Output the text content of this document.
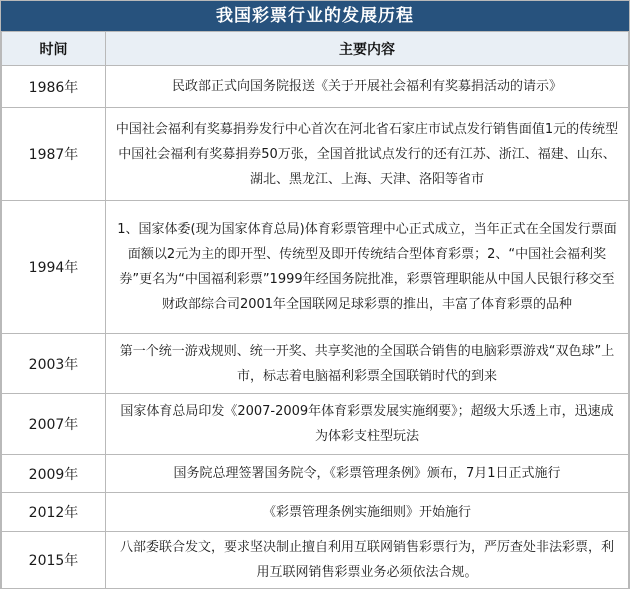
我国彩票行业的发展历程
时间	主要内容
1986年	民政部正式向国务院报送《关于开展社会福利有奖募捐活动的请示》
1987年	中国社会福利有奖募捐券发行中心首次在河北省石家庄市试点发行销售面值1元的传统型中国社会福利有奖募捐券50万张，全国首批试点发行的还有江苏、浙江、福建、山东、湖北、黑龙江、上海、天津、洛阳等省市
1994年	1、国家体委(现为国家体育总局)体育彩票管理中心正式成立，当年正式在全国发行票面面额以2元为主的即开型、传统型及即开传统结合型体育彩票；2、“中国社会福利奖券”更名为“中国福利彩票”1999年经国务院批准，彩票管理职能从中国人民银行移交至财政部综合司2001年全国联网足球彩票的推出，丰富了体育彩票的品种
2003年	第一个统一游戏规则、统一开奖、共享奖池的全国联合销售的电脑彩票游戏“双色球”上市，标志着电脑福利彩票全国联销时代的到来
2007年	国家体育总局印发《2007-2009年体育彩票发展实施纲要》；超级大乐透上市，迅速成为体彩支柱型玩法
2009年	国务院总理签署国务院令，《彩票管理条例》颁布，7月1日正式施行
2012年	《彩票管理条例实施细则》开始施行
2015年	八部委联合发文，要求坚决制止擅自利用互联网销售彩票行为，严厉查处非法彩票，利用互联网销售彩票业务必须依法合规。
